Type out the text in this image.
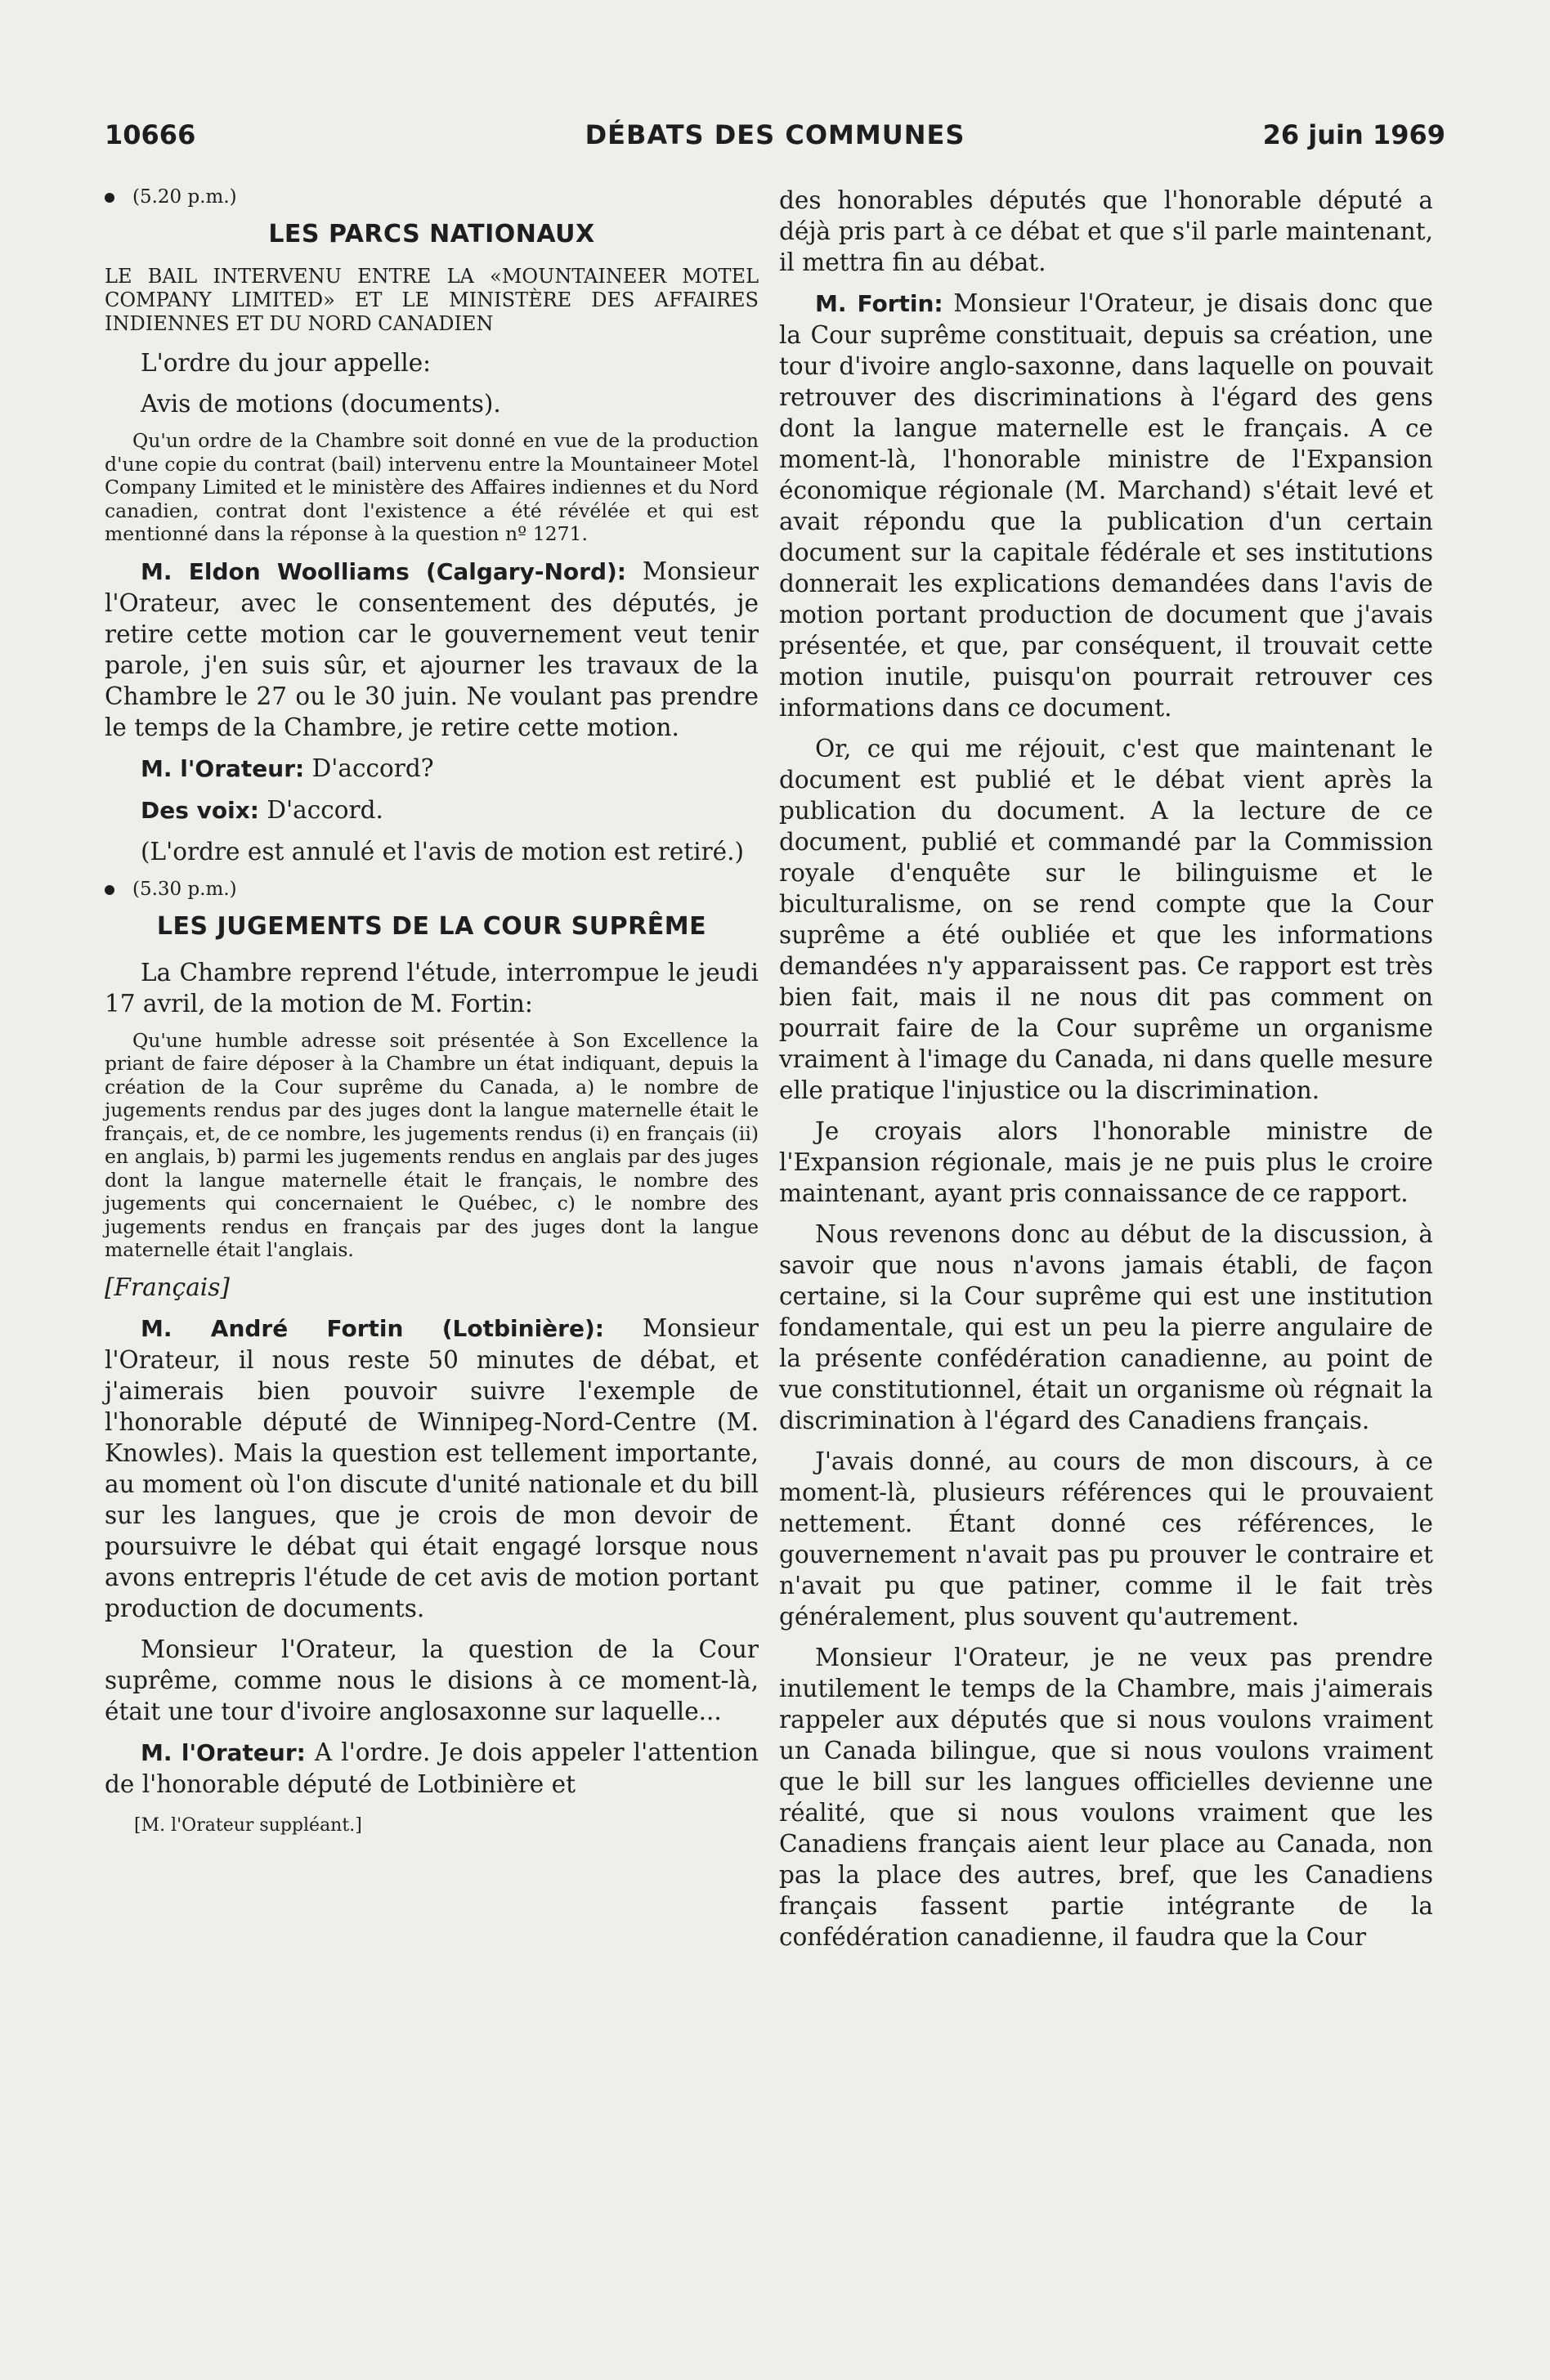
10666	DÉBATS DES COMMUNES	26 juin 1969
(5.20 p.m.)
LES PARCS NATIONAUX
LE BAIL INTERVENU ENTRE LA «MOUNTAINEER MOTEL COMPANY LIMITED» ET LE MINISTÈRE DES AFFAIRES INDIENNES ET DU NORD CANADIEN

L'ordre du jour appelle:

Avis de motions (documents).

Qu'un ordre de la Chambre soit donné en vue de la production d'une copie du contrat (bail) intervenu entre la Mountaineer Motel Company Limited et le ministère des Affaires indiennes et du Nord canadien, contrat dont l'existence a été révélée et qui est mentionné dans la réponse à la question nº 1271.

M. Eldon Woolliams (Calgary-Nord): Monsieur l'Orateur, avec le consentement des députés, je retire cette motion car le gouvernement veut tenir parole, j'en suis sûr, et ajourner les travaux de la Chambre le 27 ou le 30 juin. Ne voulant pas prendre le temps de la Chambre, je retire cette motion.

M. l'Orateur: D'accord?

Des voix: D'accord.

(L'ordre est annulé et l'avis de motion est retiré.)

(5.30 p.m.)
LES JUGEMENTS DE LA COUR SUPRÊME

La Chambre reprend l'étude, interrompue le jeudi 17 avril, de la motion de M. Fortin:

Qu'une humble adresse soit présentée à Son Excellence la priant de faire déposer à la Chambre un état indiquant, depuis la création de la Cour suprême du Canada, a) le nombre de jugements rendus par des juges dont la langue maternelle était le français, et, de ce nombre, les jugements rendus (i) en français (ii) en anglais, b) parmi les jugements rendus en anglais par des juges dont la langue maternelle était le français, le nombre des jugements qui concernaient le Québec, c) le nombre des jugements rendus en français par des juges dont la langue maternelle était l'anglais.

[Français]

M. André Fortin (Lotbinière): Monsieur l'Orateur, il nous reste 50 minutes de débat, et j'aimerais bien pouvoir suivre l'exemple de l'honorable député de Winnipeg-Nord-Centre (M. Knowles). Mais la question est tellement importante, au moment où l'on discute d'unité nationale et du bill sur les langues, que je crois de mon devoir de poursuivre le débat qui était engagé lorsque nous avons entrepris l'étude de cet avis de motion portant production de documents.

Monsieur l'Orateur, la question de la Cour suprême, comme nous le disions à ce moment-là, était une tour d'ivoire anglosaxonne sur laquelle...

M. l'Orateur: A l'ordre. Je dois appeler l'attention de l'honorable député de Lotbinière et

[M. l'Orateur suppléant.]

des honorables députés que l'honorable député a déjà pris part à ce débat et que s'il parle maintenant, il mettra fin au débat.

M. Fortin: Monsieur l'Orateur, je disais donc que la Cour suprême constituait, depuis sa création, une tour d'ivoire anglo-saxonne, dans laquelle on pouvait retrouver des discriminations à l'égard des gens dont la langue maternelle est le français. A ce moment-là, l'honorable ministre de l'Expansion économique régionale (M. Marchand) s'était levé et avait répondu que la publication d'un certain document sur la capitale fédérale et ses institutions donnerait les explications demandées dans l'avis de motion portant production de document que j'avais présentée, et que, par conséquent, il trouvait cette motion inutile, puisqu'on pourrait retrouver ces informations dans ce document.

Or, ce qui me réjouit, c'est que maintenant le document est publié et le débat vient après la publication du document. A la lecture de ce document, publié et commandé par la Commission royale d'enquête sur le bilinguisme et le biculturalisme, on se rend compte que la Cour suprême a été oubliée et que les informations demandées n'y apparaissent pas. Ce rapport est très bien fait, mais il ne nous dit pas comment on pourrait faire de la Cour suprême un organisme vraiment à l'image du Canada, ni dans quelle mesure elle pratique l'injustice ou la discrimination.

Je croyais alors l'honorable ministre de l'Expansion régionale, mais je ne puis plus le croire maintenant, ayant pris connaissance de ce rapport.

Nous revenons donc au début de la discussion, à savoir que nous n'avons jamais établi, de façon certaine, si la Cour suprême qui est une institution fondamentale, qui est un peu la pierre angulaire de la présente confédération canadienne, au point de vue constitutionnel, était un organisme où régnait la discrimination à l'égard des Canadiens français.

J'avais donné, au cours de mon discours, à ce moment-là, plusieurs références qui le prouvaient nettement. Étant donné ces références, le gouvernement n'avait pas pu prouver le contraire et n'avait pu que patiner, comme il le fait très généralement, plus souvent qu'autrement.

Monsieur l'Orateur, je ne veux pas prendre inutilement le temps de la Chambre, mais j'aimerais rappeler aux députés que si nous voulons vraiment un Canada bilingue, que si nous voulons vraiment que le bill sur les langues officielles devienne une réalité, que si nous voulons vraiment que les Canadiens français aient leur place au Canada, non pas la place des autres, bref, que les Canadiens français fassent partie intégrante de la confédération canadienne, il faudra que la Cour
